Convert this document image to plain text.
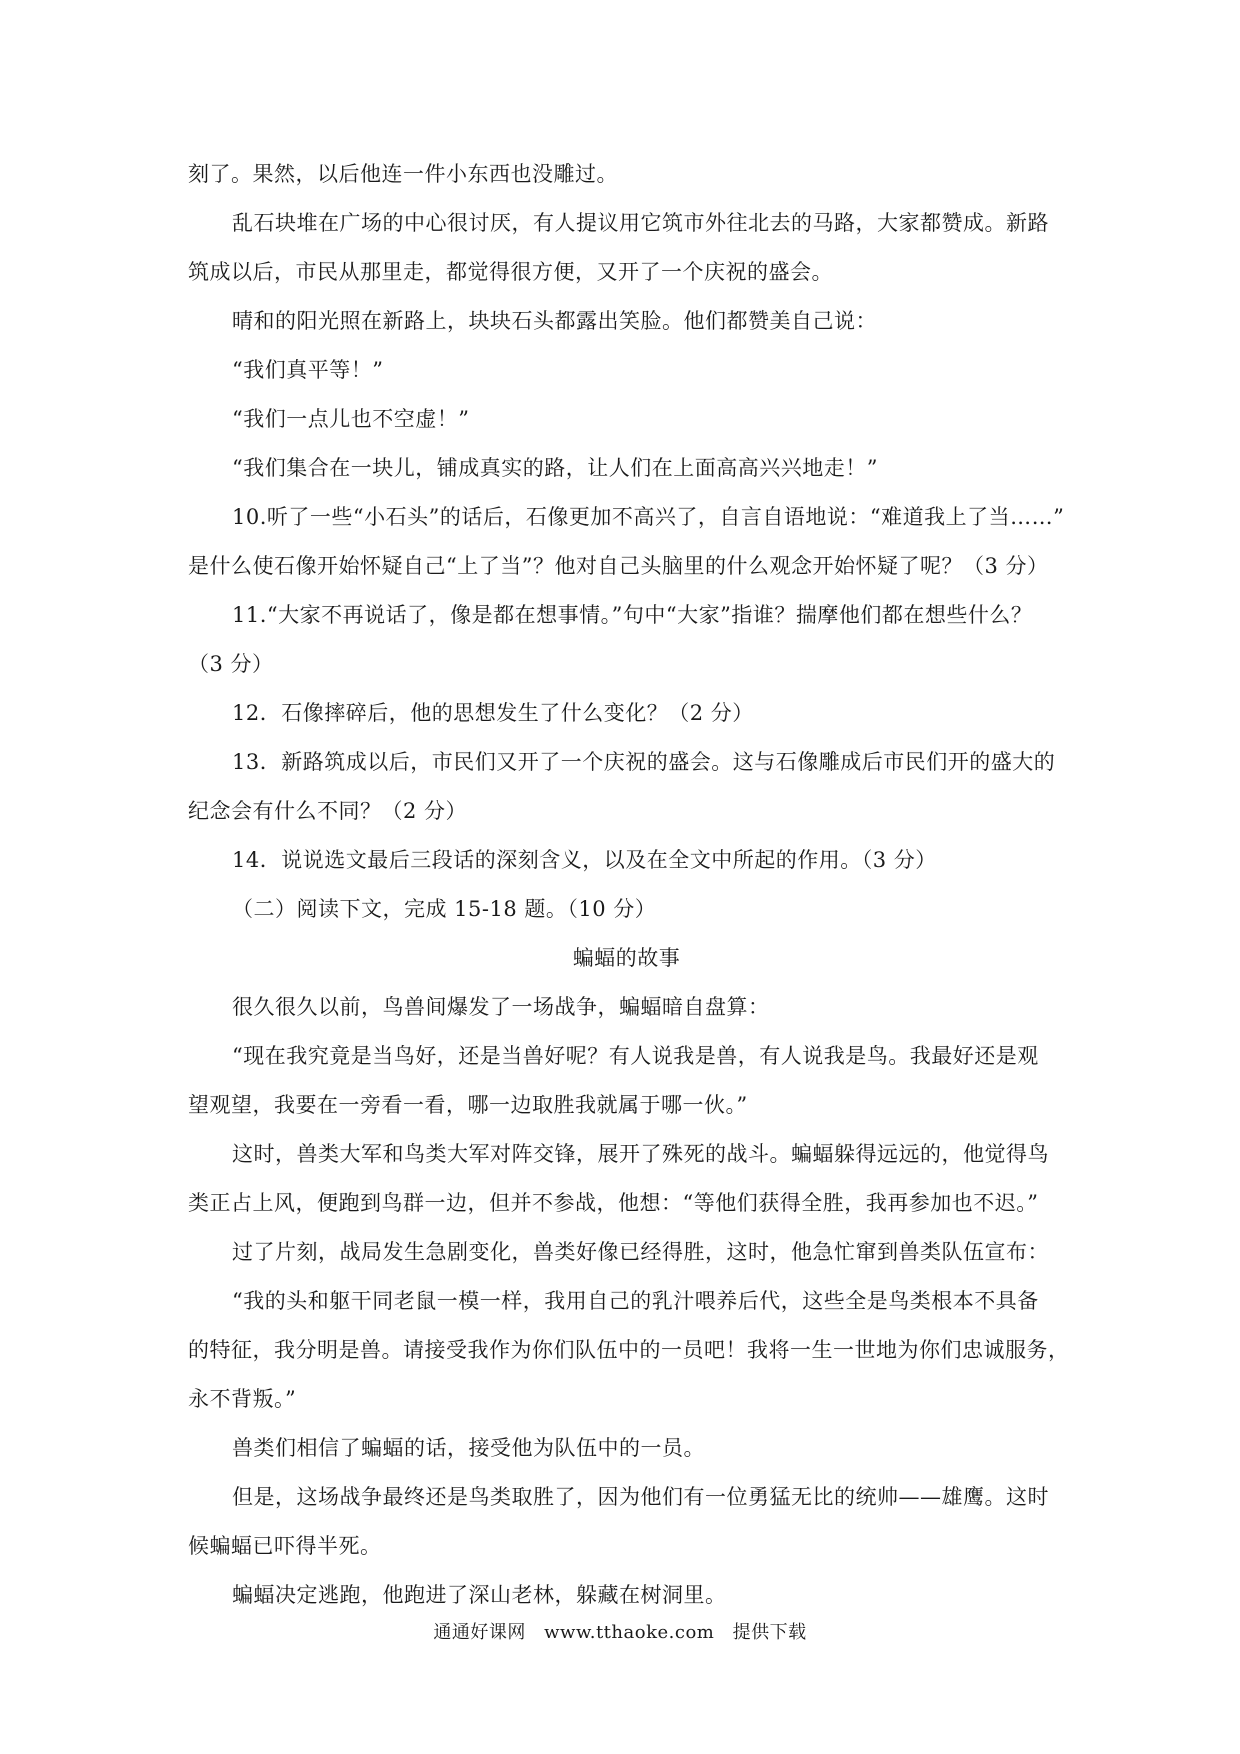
刻了。果然，以后他连一件小东西也没雕过。
乱石块堆在广场的中心很讨厌，有人提议用它筑市外往北去的马路，大家都赞成。新路
筑成以后，市民从那里走，都觉得很方便，又开了一个庆祝的盛会。
晴和的阳光照在新路上，块块石头都露出笑脸。他们都赞美自己说：
“我们真平等！”
“我们一点儿也不空虚！”
“我们集合在一块儿，铺成真实的路，让人们在上面高高兴兴地走！”
10.听了一些“小石头”的话后，石像更加不高兴了，自言自语地说：“难道我上了当……”
是什么使石像开始怀疑自己“上了当”？他对自己头脑里的什么观念开始怀疑了呢？（3 分）
11.“大家不再说话了，像是都在想事情。”句中“大家”指谁？揣摩他们都在想些什么？
（3 分）
12．石像摔碎后，他的思想发生了什么变化？（2 分）
13．新路筑成以后，市民们又开了一个庆祝的盛会。这与石像雕成后市民们开的盛大的
纪念会有什么不同？（2 分）
14．说说选文最后三段话的深刻含义，以及在全文中所起的作用。（3 分）
（二）阅读下文，完成 15-18 题。（10 分）
蝙蝠的故事
很久很久以前，鸟兽间爆发了一场战争，蝙蝠暗自盘算：
“现在我究竟是当鸟好，还是当兽好呢？有人说我是兽，有人说我是鸟。我最好还是观
望观望，我要在一旁看一看，哪一边取胜我就属于哪一伙。”
这时，兽类大军和鸟类大军对阵交锋，展开了殊死的战斗。蝙蝠躲得远远的，他觉得鸟
类正占上风，便跑到鸟群一边，但并不参战，他想：“等他们获得全胜，我再参加也不迟。”
过了片刻，战局发生急剧变化，兽类好像已经得胜，这时，他急忙窜到兽类队伍宣布：
“我的头和躯干同老鼠一模一样，我用自己的乳汁喂养后代，这些全是鸟类根本不具备
的特征，我分明是兽。请接受我作为你们队伍中的一员吧！我将一生一世地为你们忠诚服务，
永不背叛。”
兽类们相信了蝙蝠的话，接受他为队伍中的一员。
但是，这场战争最终还是鸟类取胜了，因为他们有一位勇猛无比的统帅——雄鹰。这时
候蝙蝠已吓得半死。
蝙蝠决定逃跑，他跑进了深山老林，躲藏在树洞里。
通通好课网 www.tthaoke.com 提供下载
